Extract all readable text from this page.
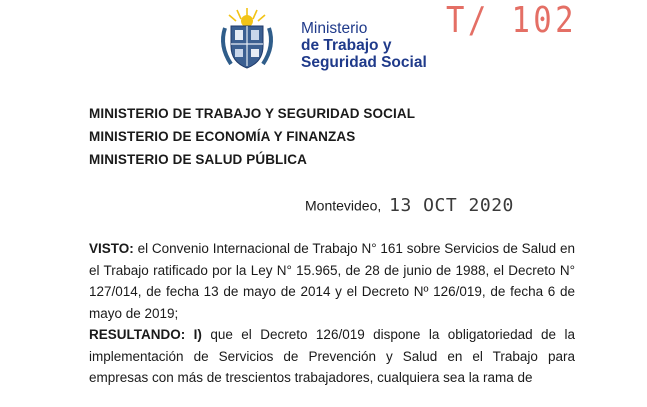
Ministerio
de Trabajo y
Seguridad Social
T/ 102
MINISTERIO DE TRABAJO Y SEGURIDAD SOCIAL
MINISTERIO DE ECONOMÍA Y FINANZAS
MINISTERIO DE SALUD PÚBLICA
Montevideo, 13 OCT 2020

VISTO: el Convenio Internacional de Trabajo N° 161 sobre Servicios de Salud en el Trabajo ratificado por la Ley N° 15.965, de 28 de junio de 1988, el Decreto N° 127/014, de fecha 13 de mayo de 2014 y el Decreto Nº 126/019, de fecha 6 de mayo de 2019;

RESULTANDO: I) que el Decreto 126/019 dispone la obligatoriedad de la implementación de Servicios de Prevención y Salud en el Trabajo para empresas con más de trescientos trabajadores, cualquiera sea la rama de
